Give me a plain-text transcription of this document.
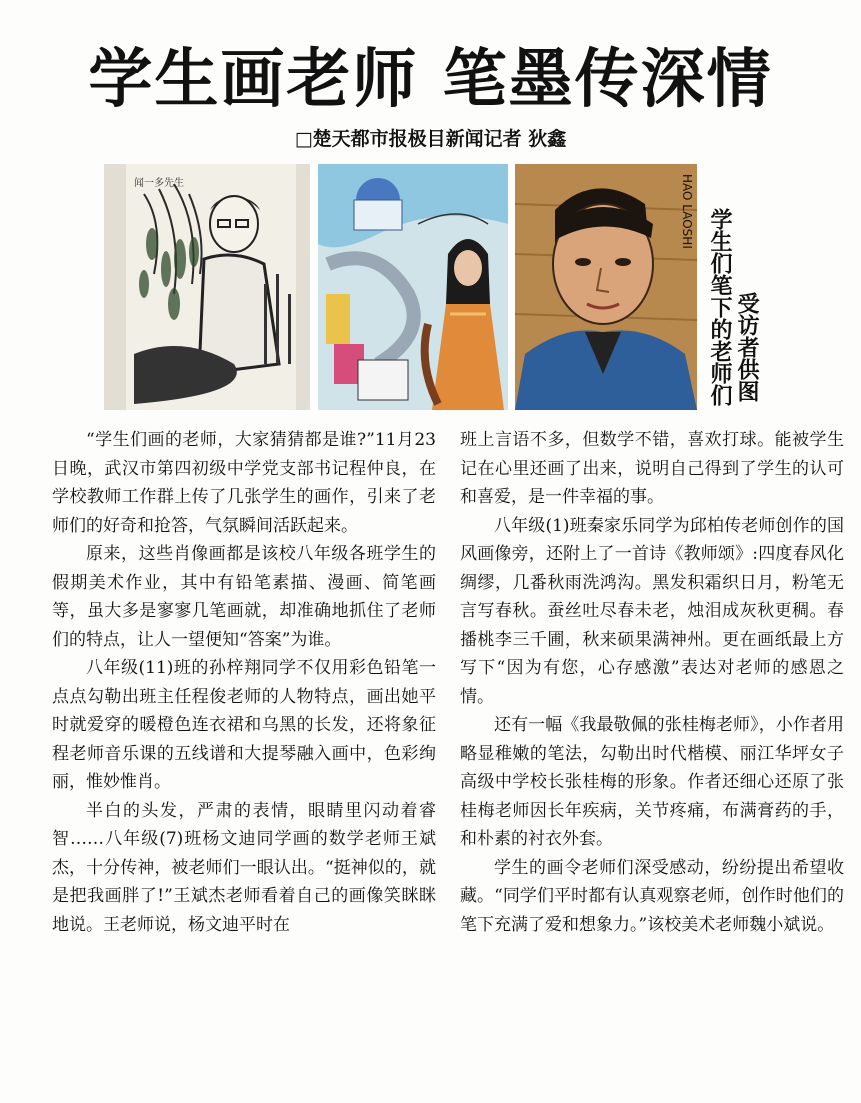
学生画老师 笔墨传深情
□楚天都市报极目新闻记者 狄鑫
闻一多先生	HAO LAOSHI 学生们笔下的老师们 受访者供图

“学生们画的老师，大家猜猜都是谁?”11月23日晚，武汉市第四初级中学党支部书记程仲良，在学校教师工作群上传了几张学生的画作，引来了老师们的好奇和抢答，气氛瞬间活跃起来。

原来，这些肖像画都是该校八年级各班学生的假期美术作业，其中有铅笔素描、漫画、简笔画等，虽大多是寥寥几笔画就，却准确地抓住了老师们的特点，让人一望便知“答案”为谁。

八年级(11)班的孙梓翔同学不仅用彩色铅笔一点点勾勒出班主任程俊老师的人物特点，画出她平时就爱穿的暖橙色连衣裙和乌黑的长发，还将象征程老师音乐课的五线谱和大提琴融入画中，色彩绚丽，惟妙惟肖。

半白的头发，严肃的表情，眼睛里闪动着睿智……八年级(7)班杨文迪同学画的数学老师王斌杰，十分传神，被老师们一眼认出。“挺神似的，就是把我画胖了!”王斌杰老师看着自己的画像笑眯眯地说。王老师说，杨文迪平时在

班上言语不多，但数学不错，喜欢打球。能被学生记在心里还画了出来，说明自己得到了学生的认可和喜爱，是一件幸福的事。

八年级(1)班秦家乐同学为邱柏传老师创作的国风画像旁，还附上了一首诗《教师颂》:四度春风化绸缪，几番秋雨洗鸿沟。黑发积霜织日月，粉笔无言写春秋。蚕丝吐尽春未老，烛泪成灰秋更稠。春播桃李三千圃，秋来硕果满神州。更在画纸最上方写下“因为有您，心存感激”表达对老师的感恩之情。

还有一幅《我最敬佩的张桂梅老师》，小作者用略显稚嫩的笔法，勾勒出时代楷模、丽江华坪女子高级中学校长张桂梅的形象。作者还细心还原了张桂梅老师因长年疾病，关节疼痛，布满膏药的手，和朴素的衬衣外套。

学生的画令老师们深受感动，纷纷提出希望收藏。“同学们平时都有认真观察老师，创作时他们的笔下充满了爱和想象力。”该校美术老师魏小斌说。
